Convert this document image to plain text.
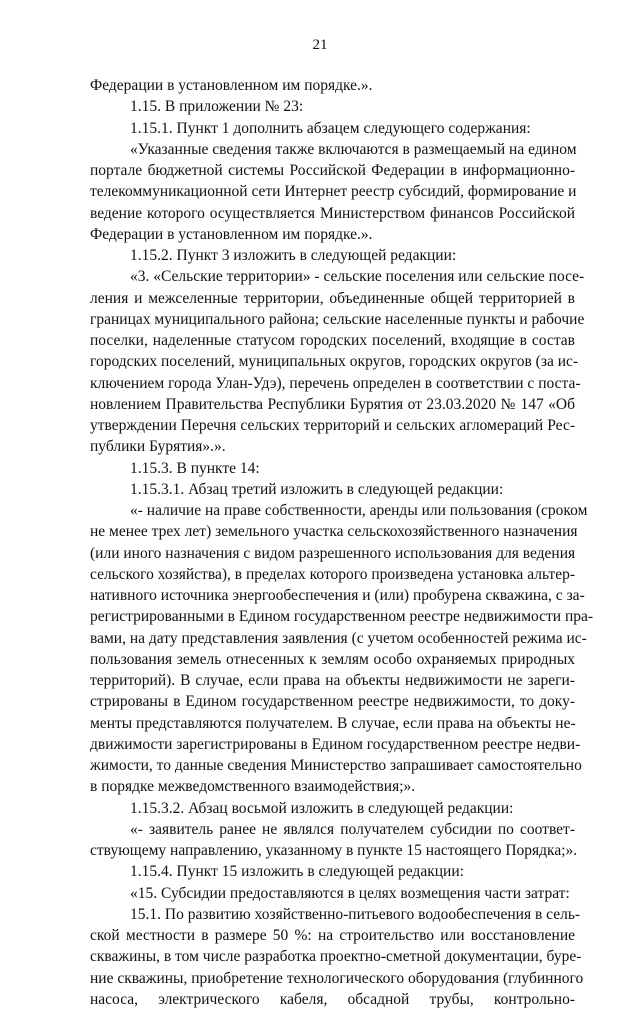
21
Федерации в установленном им порядке.».
1.15. В приложении № 23:
1.15.1. Пункт 1 дополнить абзацем следующего содержания:
«Указанные сведения также включаются в размещаемый на едином
портале бюджетной системы Российской Федерации в информационно-
телекоммуникационной сети Интернет реестр субсидий, формирование и
ведение которого осуществляется Министерством финансов Российской
Федерации в установленном им порядке.».
1.15.2. Пункт 3 изложить в следующей редакции:
«3. «Сельские территории» - сельские поселения или сельские посе-
ления и межселенные территории, объединенные общей территорией в
границах муниципального района; сельские населенные пункты и рабочие
поселки, наделенные статусом городских поселений, входящие в состав
городских поселений, муниципальных округов, городских округов (за ис-
ключением города Улан-Удэ), перечень определен в соответствии с поста-
новлением Правительства Республики Бурятия от 23.03.2020 № 147 «Об
утверждении Перечня сельских территорий и сельских агломераций Рес-
публики Бурятия».».
1.15.3. В пункте 14:
1.15.3.1. Абзац третий изложить в следующей редакции:
«- наличие на праве собственности, аренды или пользования (сроком
не менее трех лет) земельного участка сельскохозяйственного назначения
(или иного назначения с видом разрешенного использования для ведения
сельского хозяйства), в пределах которого произведена установка альтер-
нативного источника энергообеспечения и (или) пробурена скважина, с за-
регистрированными в Едином государственном реестре недвижимости пра-
вами, на дату представления заявления (с учетом особенностей режима ис-
пользования земель отнесенных к землям особо охраняемых природных
территорий). В случае, если права на объекты недвижимости не зареги-
стрированы в Едином государственном реестре недвижимости, то доку-
менты представляются получателем. В случае, если права на объекты не-
движимости зарегистрированы в Едином государственном реестре недви-
жимости, то данные сведения Министерство запрашивает самостоятельно
в порядке межведомственного взаимодействия;».
1.15.3.2. Абзац восьмой изложить в следующей редакции:
«- заявитель ранее не являлся получателем субсидии по соответ-
ствующему направлению, указанному в пункте 15 настоящего Порядка;».
1.15.4. Пункт 15 изложить в следующей редакции:
«15. Субсидии предоставляются в целях возмещения части затрат:
15.1. По развитию хозяйственно-питьевого водообеспечения в сель-
ской местности в размере 50 %: на строительство или восстановление
скважины, в том числе разработка проектно-сметной документации, бурe-
ние скважины, приобретение технологического оборудования (глубинного
насоса, электрического кабеля, обсадной трубы, контрольно-
